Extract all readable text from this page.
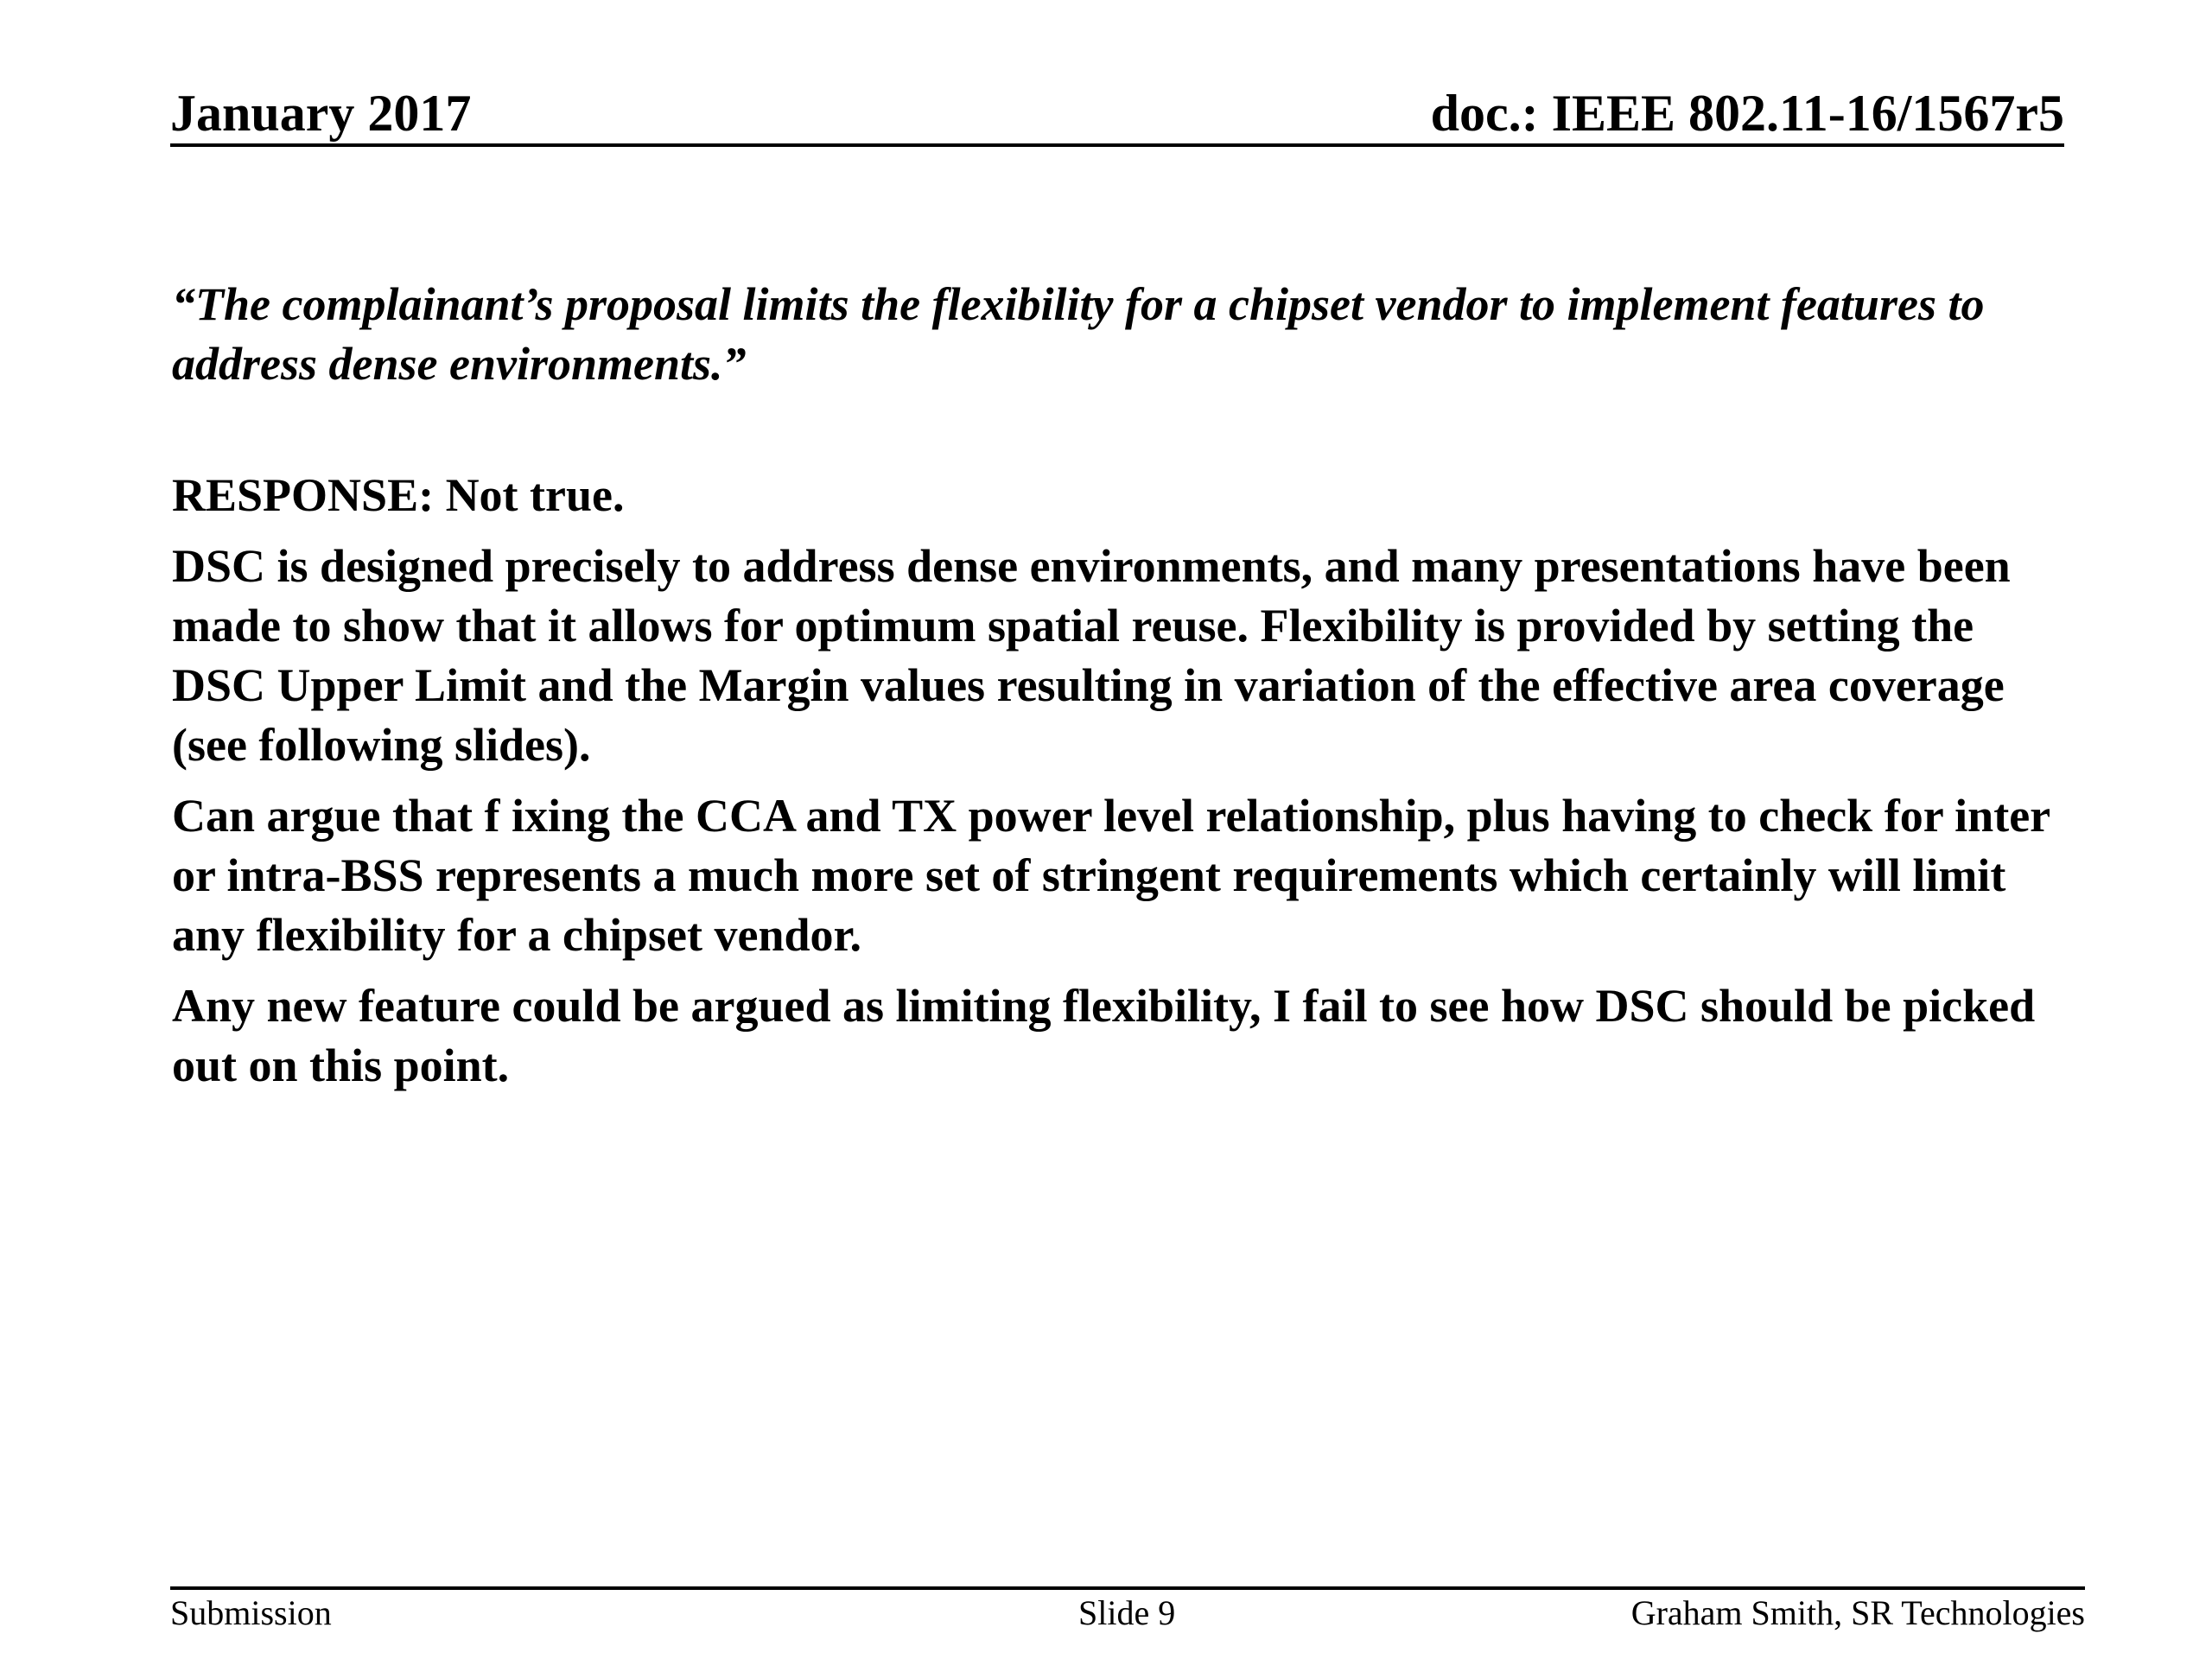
January 2017	doc.: IEEE 802.11-16/1567r5

“The complainant’s proposal limits the flexibility for a chipset vendor to implement features to address dense environments.”

RESPONSE: Not true.

DSC is designed precisely to address dense environments, and many presentations have been made to show that it allows for optimum spatial reuse. Flexibility is provided by setting the DSC Upper Limit and the Margin values resulting in variation of the effective area coverage (see following slides).

Can argue that f ixing the CCA and TX power level relationship, plus having to check for inter or intra-BSS represents a much more set of stringent requirements which certainly will limit any flexibility for a chipset vendor.

Any new feature could be argued as limiting flexibility, I fail to see how DSC should be picked out on this point.

Submission	Slide 9	Graham Smith, SR Technologies
